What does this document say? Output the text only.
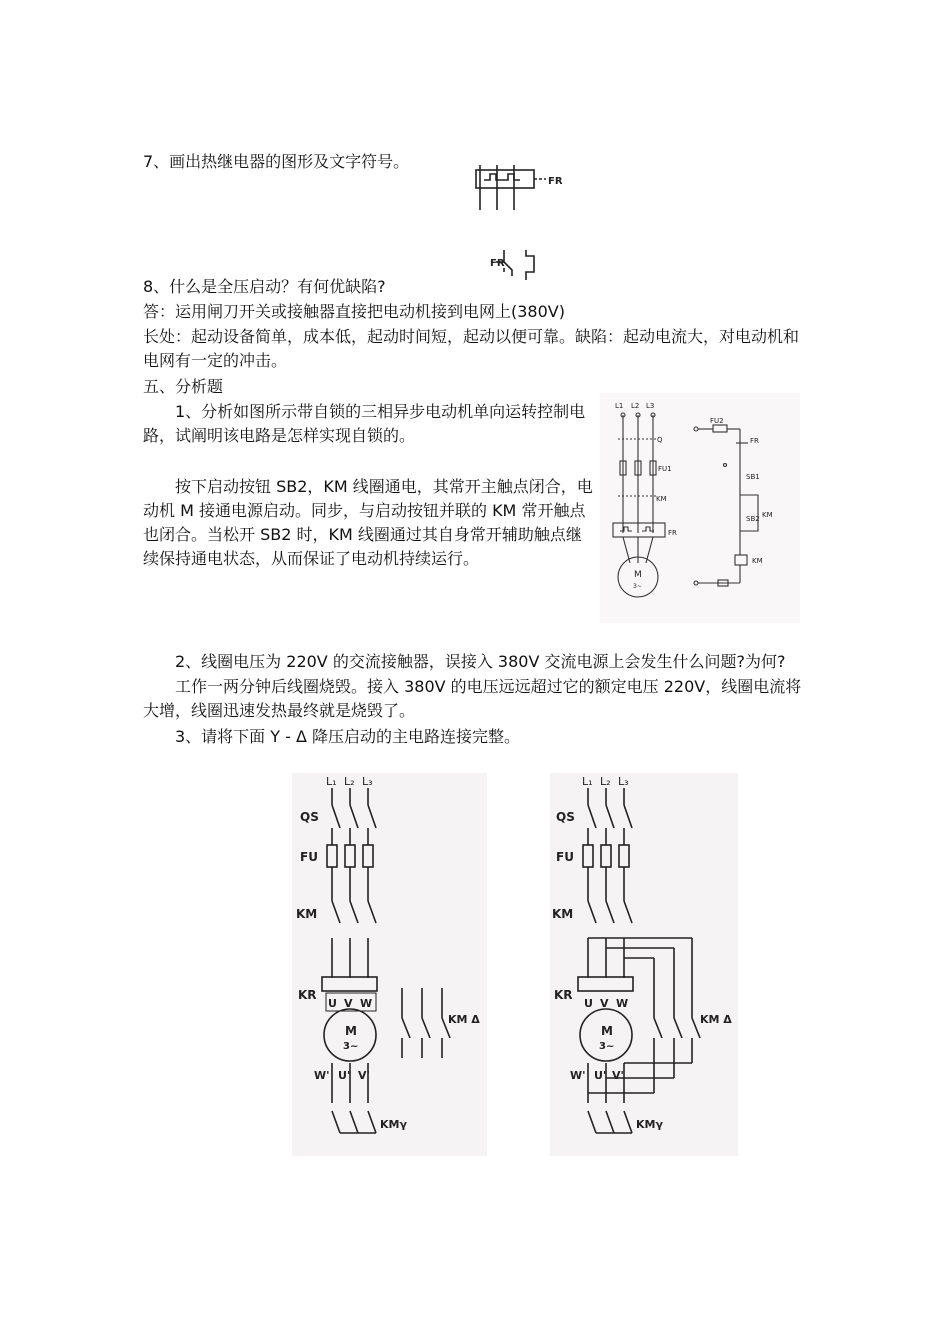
7、画出热继电器的图形及文字符号。
FR
FR
8、什么是全压启动？有何优缺陷?
答：运用闸刀开关或接触器直接把电动机接到电网上(380V)
长处：起动设备简单，成本低，起动时间短，起动以便可靠。缺陷：起动电流大，对电动机和电网有一定的冲击。
五、分析题
1、分析如图所示带自锁的三相异步电动机单向运转控制电路，试阐明该电路是怎样实现自锁的。
按下启动按钮 SB2，KM 线圈通电，其常开主触点闭合，电动机 M 接通电源启动。同步，与启动按钮并联的 KM 常开触点也闭合。当松开 SB2 时，KM 线圈通过其自身常开辅助触点继续保持通电状态，从而保证了电动机持续运行。
L1 L2 L3
Q
FU1
KM
FR
M
3~
FU2
FR
SB1
SB2 KM
KM
2、线圈电压为 220V 的交流接触器，误接入 380V 交流电源上会发生什么问题?为何?
工作一两分钟后线圈烧毁。接入 380V 的电压远远超过它的额定电压 220V，线圈电流将大增，线圈迅速发热最终就是烧毁了。
3、请将下面 Y - Δ 降压启动的主电路连接完整。
L₁ L₂ L₃
QS
FU
KM
KR
U V W
M
3~
W' U' V'
KM Δ
KMγ
L₁ L₂ L₃
QS
FU
KM
KR
U V W
M
3~
W' U' V'
KM Δ
KMγ
